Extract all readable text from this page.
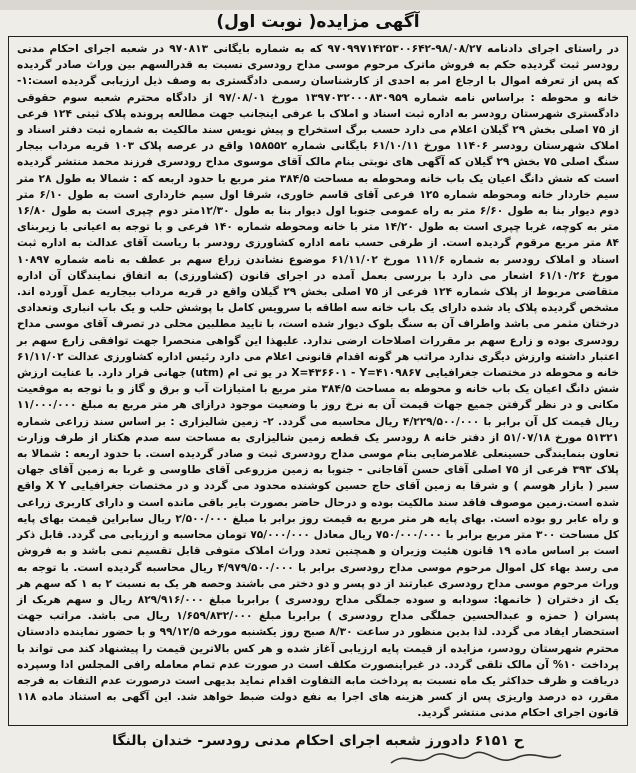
آگهی مزایده( نوبت اول)

در راستای اجرای دادنامه ۹۸/۰۸/۲۷-۹۷۰۹۹۷۱۴۲۵۳۰۰۶۴۲ که به شماره بایگانی ۹۷۰۸۱۳ در شعبه اجرای احکام مدنی رودسر ثبت گردیده حکم به فروش ماترک مرحوم موسی مداح رودسری نسبت به قدرالسهم بین وراث صادر گردیده که پس از تعرفه اموال با ارجاع امر به احدی از کارشناسان رسمی دادگستری به وصف ذیل ارزیابی گردیده است:۱- خانه و محوطه : براساس نامه شماره ۱۳۹۷۰۳۲۰۰۰۸۳۰۹۵۹ مورخ ۹۷/۰۸/۰۱ از دادگاه محترم شعبه سوم حقوقی دادگستری شهرستان رودسر به اداره ثبت اسناد و املاک با عرفی اینجانب جهت مطالعه پرونده پلاک ثبتی ۱۲۴ فرعی از ۷۵ اصلی بخش ۲۹ گیلان اعلام می دارد حسب برگ استخراج و پیش نویس سند مالکیت به شماره ثبت دفتر اسناد و املاک شهرستان رودسر ۱۱۴۰۶ مورخ ۶۱/۱۰/۱۱ بایگانی شماره ۱۵۸۵۵۲ واقع در عرصه پلاک ۱۰۳ قریه مرداب بیجار سنگ اصلی ۷۵ بخش ۲۹ گیلان که آگهی های نوبتی بنام مالک آقای موسوی مداح رودسری فرزند محمد منتشر گردیده است که شش دانگ اعیان یک باب خانه ومحوطه به مساحت ۳۸۴/۵ متر مربع با حدود اربعه که : شمالا به طول ۲۸ متر سیم خاردار خانه ومحوطه شماره ۱۲۵ فرعی آقای قاسم خاوری، شرقا اول سیم خارداری است به طول ۶/۱۰ متر دوم دیوار بنا به طول ۶/۶۰ متر به راه عمومی جنوبا اول دیوار بنا به طول ۱۲/۳۰متر دوم چپری است به طول ۱۶/۸۰ متر به کوچه، غربا چپری است به طول ۱۴/۲۰ متر با خانه ومحوطه شماره ۱۴۰ فرعی و با توجه به اعیانی با زیربنای ۸۴ متر مربع مرقوم گردیده است. از طرفی حسب نامه اداره کشاورزی رودسر با ریاست آقای عدالت به اداره ثبت اسناد و املاک رودسر به شماره ۱۱۱/۶ مورخ ۶۱/۱۱/۰۲ موضوع نشاندن زراع سهم بر عطف به نامه شماره ۱۰۸۹۷ مورخ ۶۱/۱۰/۲۶ اشعار می دارد با بررسی بعمل آمده در اجرای قانون (کشاورزی) به اتفاق نمایندگان آن اداره متقاضی مربوط از پلاک شماره ۱۲۴ فرعی از ۷۵ اصلی بخش ۲۹ گیلان واقع در قریه مرداب بیجاریه عمل آورده اند. مشخص گردیده پلاک یاد شده دارای یک باب خانه سه اطاقه با سرویس کامل با پوشش حلب و یک باب انباری وتعدادی درختان مثمر می باشد واطراف آن به سنگ بلوک دیوار شده است، با تایید مطلبین محلی در تصرف آقای موسی مداح رودسری بوده و زارع سهم بر مقررات اصلاحات ارضی ندارد. علیهذا این گواهی منحصرا جهت توافقی زارع سهم بر اعتبار داشته وارزش دیگری ندارد مراتب هر گونه اقدام قانونی اعلام می دارد رئیس اداره کشاورزی عدالت ۶۱/۱۱/۰۲ خانه و محوطه در مختصات جغرافیایی X=۴۳۶۶۰۱ - Y=۴۱۰۹۸۶۷ در یو تی ام (utm) جهانی قرار دارد. با عنایت ارزش شش دانگ اعیان یک باب خانه و محوطه به مساحت ۳۸۴/۵ متر مربع با امتیازات آب و برق و گاز و با توجه به موقعیت مکانی و در نظر گرفتن جمیع جهات قیمت آن به نرخ روز با وضعیت موجود درازای هر متر مربع به مبلغ ۱۱/۰۰۰/۰۰۰ ریال قیمت کل آن برابر با ۴/۲۲۹/۵۰۰/۰۰۰ ریال محاسبه می گردد. ۲- زمین شالیزاری : بر اساس سند زراعی شماره ۵۱۳۲۱ مورخ ۵۱/۰۷/۱۸ از دفتر خانه ۸ رودسر یک قطعه زمین شالیزاری به مساحت سه صدم هکتار از طرف وزارت تعاون بنمایندگی حسینعلی غلامرضایی بنام موسی مداح رودسری ثبت و صادر گردیده است. با حدود اربعه : شمالا به پلاک ۳۹۳ فرعی از ۷۵ اصلی آقای حسن آقاجانی - جنوبا به زمین مزروعی آقای طاوسی و غربا به زمین آقای جهان سیر ( بازار هوسم ) و شرقا به زمین آقای حاج حسین کوشنده محدود می گردد و در مختصات جغرافیایی X Y واقع شده است.زمین موصوف فاقد سند مالکیت بوده و درحال حاضر بصورت بایر باقی مانده است و دارای کاربری زراعی و راه عابر رو بوده است. بهای پایه هر متر مربع به قیمت روز برابر با مبلغ ۲/۵۰۰/۰۰۰ ریال سابراین قیمت بهای پایه کل مساحت ۳۰۰ متر مربع برابر با ۷۵۰/۰۰۰/۰۰۰ ریال معادل ۷۵/۰۰۰/۰۰۰ تومان محاسبه و ارزیابی می گردد. قابل ذکر است بر اساس ماده ۱۹ قانون هئیت وزیران و همچنین تعدد وراث املاک متوفی قابل تقسیم نمی باشد و به فروش می رسد بهاء کل اموال مرحوم موسی مداح رودسری برابر با ۴/۹۷۹/۵۰۰/۰۰۰ ریال محاسبه گردیده است. با توجه به وراث مرحوم موسی مداح رودسری عبارتند از دو پسر و دو دختر می باشند وحصه هر یک به نسبت ۲ به ۱ که سهم هر یک از دختران ( خانمها: سودابه و سوده جملگی مداح رودسری ) برابربا مبلغ ۸۲۹/۹۱۶/۰۰۰ ریال و سهم هریک از پسران ( حمزه و عبدالحسین جملگی مداح رودسری ) برابربا مبلغ ۱/۶۵۹/۸۳۲/۰۰۰ ریال می باشد. مراتب جهت استحضار ایفاد می گردد. لذا بدین منظور در ساعت ۸/۳۰ صبح روز یکشنبه مورخه ۹۹/۱۲/۵ و با حضور نماینده دادستان محترم شهرستان رودسر، مزایده از قیمت پایه ارزیابی آغاز شده و هر کس بالاترین قیمت را پیشنهاد کند می تواند با پرداخت ۱۰% آن مالک تلقی گردد. در غیراینصورت مکلف است در صورت عدم تمام معامله رافی المجلس ادا وسپرده دریافت و ظرف حداکثر یک ماه نسبت به پرداخت مابه التفاوت اقدام نماید بدیهی است درصورت عدم التفات به فرجه مقرر، ده درصد واریزی پس از کسر هزینه های اجرا به نفع دولت ضبط خواهد شد. این آگهی به استناد ماده ۱۱۸ قانون اجرای احکام مدنی منتشر گردید.

ح ۶۱۵۱ دادورز شعبه اجرای احکام مدنی رودسر- خندان بالنگا
